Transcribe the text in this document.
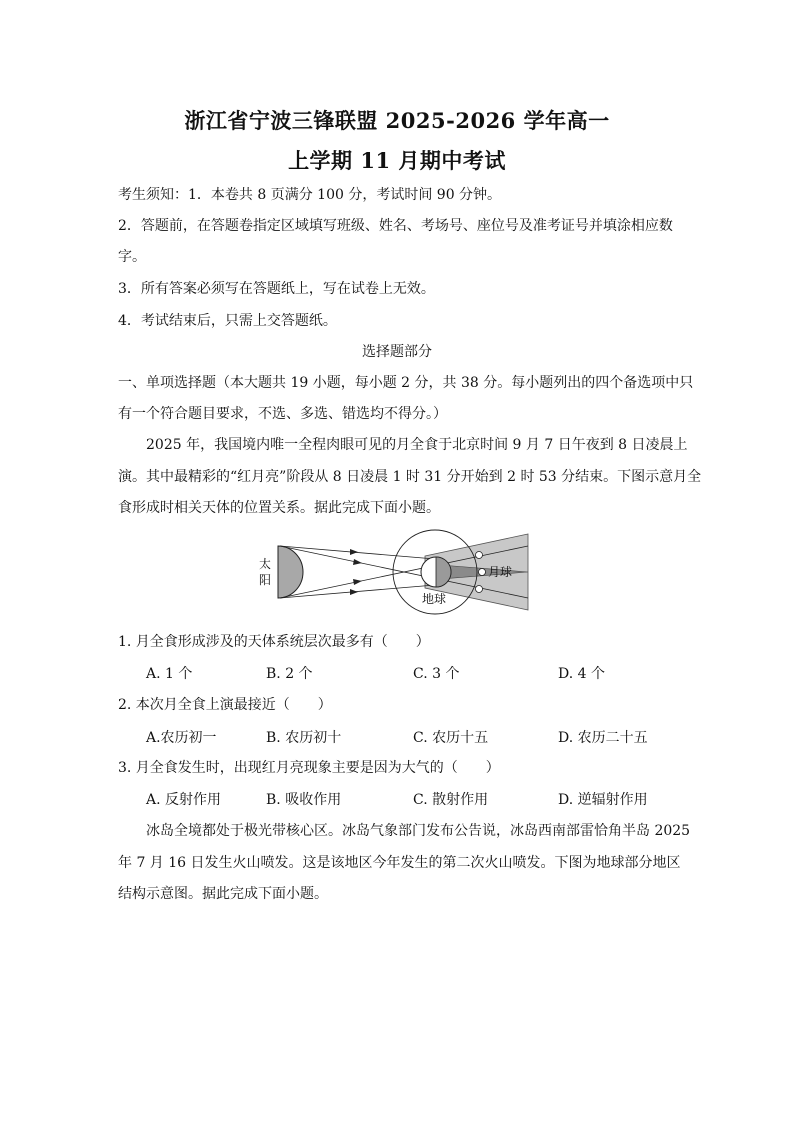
浙江省宁波三锋联盟 2025-2026 学年高一
上学期 11 月期中考试
考生须知：1．本卷共 8 页满分 100 分，考试时间 90 分钟。
2．答题前，在答题卷指定区域填写班级、姓名、考场号、座位号及准考证号并填涂相应数
字。
3．所有答案必须写在答题纸上，写在试卷上无效。
4．考试结束后，只需上交答题纸。
选择题部分
一、单项选择题（本大题共 19 小题，每小题 2 分，共 38 分。每小题列出的四个备选项中只
有一个符合题目要求，不选、多选、错选均不得分。）
2025 年，我国境内唯一全程肉眼可见的月全食于北京时间 9 月 7 日午夜到 8 日凌晨上
演。其中最精彩的“红月亮”阶段从 8 日凌晨 1 时 31 分开始到 2 时 53 分结束。下图示意月全
食形成时相关天体的位置关系。据此完成下面小题。
太
阳
地球
月球
1. 月全食形成涉及的天体系统层次最多有（　　）
A. 1 个	B. 2 个	C. 3 个	D. 4 个
2. 本次月全食上演最接近（　　）
A.农历初一	B. 农历初十	C. 农历十五	D. 农历二十五
3. 月全食发生时，出现红月亮现象主要是因为大气的（　　）
A. 反射作用	B. 吸收作用	C. 散射作用	D. 逆辐射作用
冰岛全境都处于极光带核心区。冰岛气象部门发布公告说，冰岛西南部雷恰角半岛 2025
年 7 月 16 日发生火山喷发。这是该地区今年发生的第二次火山喷发。下图为地球部分地区
结构示意图。据此完成下面小题。
